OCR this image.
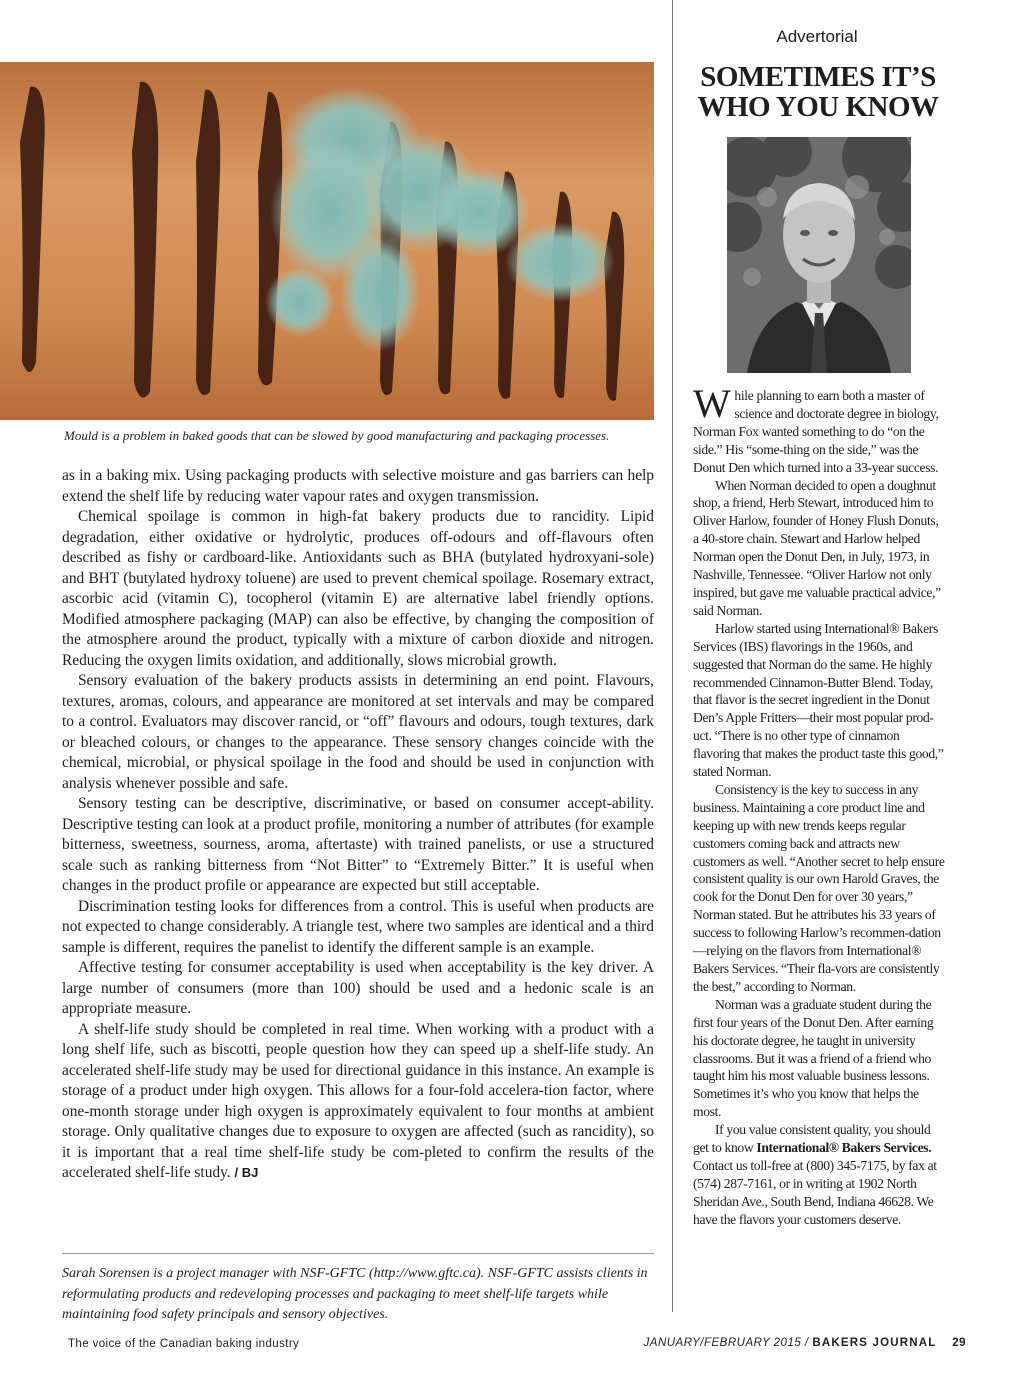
Mould is a problem in baked goods that can be slowed by good manufacturing and packaging processes.

as in a baking mix. Using packaging products with selective moisture and gas barriers can help extend the shelf life by reducing water vapour rates and oxygen transmission.

Chemical spoilage is common in high-fat bakery products due to rancidity. Lipid degradation, either oxidative or hydrolytic, produces off-odours and off-flavours often described as fishy or cardboard-like. Antioxidants such as BHA (butylated hydroxyani-sole) and BHT (butylated hydroxy toluene) are used to prevent chemical spoilage. Rosemary extract, ascorbic acid (vitamin C), tocopherol (vitamin E) are alternative label friendly options. Modified atmosphere packaging (MAP) can also be effective, by changing the composition of the atmosphere around the product, typically with a mixture of carbon dioxide and nitrogen. Reducing the oxygen limits oxidation, and additionally, slows microbial growth.

Sensory evaluation of the bakery products assists in determining an end point. Flavours, textures, aromas, colours, and appearance are monitored at set intervals and may be compared to a control. Evaluators may discover rancid, or “off” flavours and odours, tough textures, dark or bleached colours, or changes to the appearance. These sensory changes coincide with the chemical, microbial, or physical spoilage in the food and should be used in conjunction with analysis whenever possible and safe.

Sensory testing can be descriptive, discriminative, or based on consumer accept-ability. Descriptive testing can look at a product profile, monitoring a number of attributes (for example bitterness, sweetness, sourness, aroma, aftertaste) with trained panelists, or use a structured scale such as ranking bitterness from “Not Bitter” to “Extremely Bitter.” It is useful when changes in the product profile or appearance are expected but still acceptable.

Discrimination testing looks for differences from a control. This is useful when products are not expected to change considerably. A triangle test, where two samples are identical and a third sample is different, requires the panelist to identify the different sample is an example.

Affective testing for consumer acceptability is used when acceptability is the key driver. A large number of consumers (more than 100) should be used and a hedonic scale is an appropriate measure.

A shelf-life study should be completed in real time. When working with a product with a long shelf life, such as biscotti, people question how they can speed up a shelf-life study. An accelerated shelf-life study may be used for directional guidance in this instance. An example is storage of a product under high oxygen. This allows for a four-fold accelera-tion factor, where one-month storage under high oxygen is approximately equivalent to four months at ambient storage. Only qualitative changes due to exposure to oxygen are affected (such as rancidity), so it is important that a real time shelf-life study be com-pleted to confirm the results of the accelerated shelf-life study. / BJ

Sarah Sorensen is a project manager with NSF-GFTC (http://www.gftc.ca). NSF-GFTC assists clients in reformulating products and redeveloping processes and packaging to meet shelf-life targets while maintaining food safety principals and sensory objectives.
Advertorial
SOMETIMES IT’S
WHO YOU KNOW

While planning to earn both a master of science and doctorate degree in biology, Norman Fox wanted something to do “on the side.” His “some-thing on the side,” was the Donut Den which turned into a 33-year success.

When Norman decided to open a doughnut shop, a friend, Herb Stewart, introduced him to Oliver Harlow, founder of Honey Flush Donuts, a 40-store chain. Stewart and Harlow helped Norman open the Donut Den, in July, 1973, in Nashville, Tennessee. “Oliver Harlow not only inspired, but gave me valuable practical advice,” said Norman.

Harlow started using International® Bakers Services (IBS) flavorings in the 1960s, and suggested that Norman do the same. He highly recommended Cinnamon-Butter Blend. Today, that flavor is the secret ingredient in the Donut Den’s Apple Fritters—their most popular prod-uct. “There is no other type of cinnamon flavoring that makes the product taste this good,” stated Norman.

Consistency is the key to success in any business. Maintaining a core product line and keeping up with new trends keeps regular customers coming back and attracts new customers as well. “Another secret to help ensure consistent quality is our own Harold Graves, the cook for the Donut Den for over 30 years,” Norman stated. But he attributes his 33 years of success to following Harlow’s recommen-dation—relying on the flavors from International® Bakers Services. “Their fla-vors are consistently the best,” according to Norman.

Norman was a graduate student during the first four years of the Donut Den. After earning his doctorate degree, he taught in university classrooms. But it was a friend of a friend who taught him his most valuable business lessons. Sometimes it’s who you know that helps the most.

If you value consistent quality, you should get to know International® Bakers Services. Contact us toll-free at (800) 345-7175, by fax at (574) 287-7161, or in writing at 1902 North Sheridan Ave., South Bend, Indiana 46628. We have the flavors your customers deserve.

The voice of the Canadian baking industry	JANUARY/FEBRUARY 2015 / BAKERS JOURNAL 29
